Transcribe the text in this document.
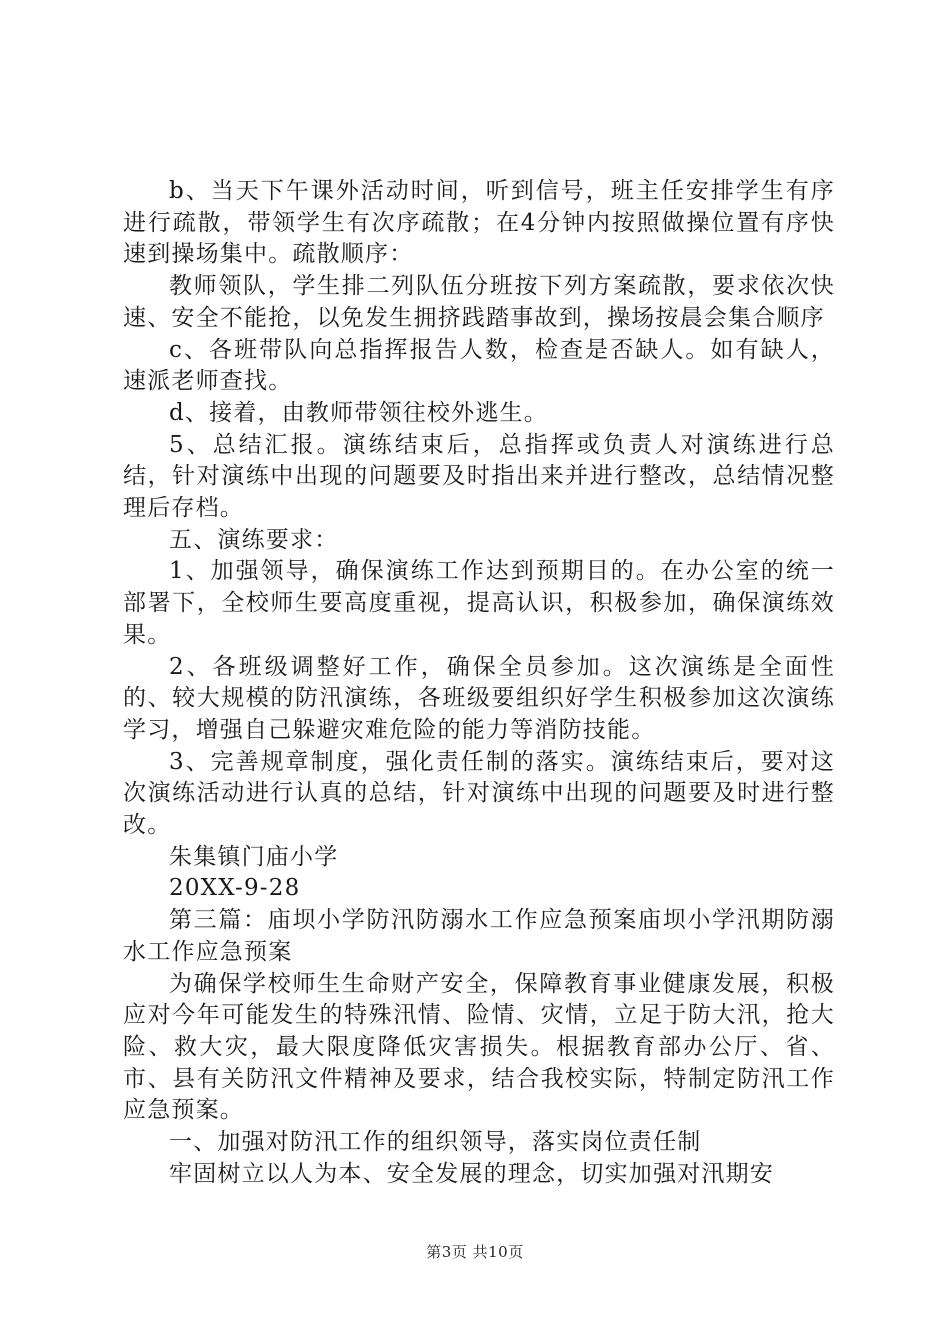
b、当天下午课外活动时间，听到信号，班主任安排学生有序进行疏散，带领学生有次序疏散；在4分钟内按照做操位置有序快速到操场集中。疏散顺序：

教师领队，学生排二列队伍分班按下列方案疏散，要求依次快速、安全不能抢，以免发生拥挤践踏事故到，操场按晨会集合顺序

c、各班带队向总指挥报告人数，检查是否缺人。如有缺人，速派老师查找。

d、接着，由教师带领往校外逃生。

5、总结汇报。演练结束后，总指挥或负责人对演练进行总结，针对演练中出现的问题要及时指出来并进行整改，总结情况整理后存档。

五、演练要求：

1、加强领导，确保演练工作达到预期目的。在办公室的统一部署下，全校师生要高度重视，提高认识，积极参加，确保演练效果。

2、各班级调整好工作，确保全员参加。这次演练是全面性的、较大规模的防汛演练，各班级要组织好学生积极参加这次演练学习，增强自己躲避灾难危险的能力等消防技能。

3、完善规章制度，强化责任制的落实。演练结束后，要对这次演练活动进行认真的总结，针对演练中出现的问题要及时进行整改。

朱集镇门庙小学

20XX-9-28

第三篇：庙坝小学防汛防溺水工作应急预案庙坝小学汛期防溺水工作应急预案

为确保学校师生生命财产安全，保障教育事业健康发展，积极应对今年可能发生的特殊汛情、险情、灾情，立足于防大汛，抢大险、救大灾，最大限度降低灾害损失。根据教育部办公厅、省、市、县有关防汛文件精神及要求，结合我校实际，特制定防汛工作应急预案。

一、加强对防汛工作的组织领导，落实岗位责任制

牢固树立以人为本、安全发展的理念，切实加强对汛期安

第3页 共10页
